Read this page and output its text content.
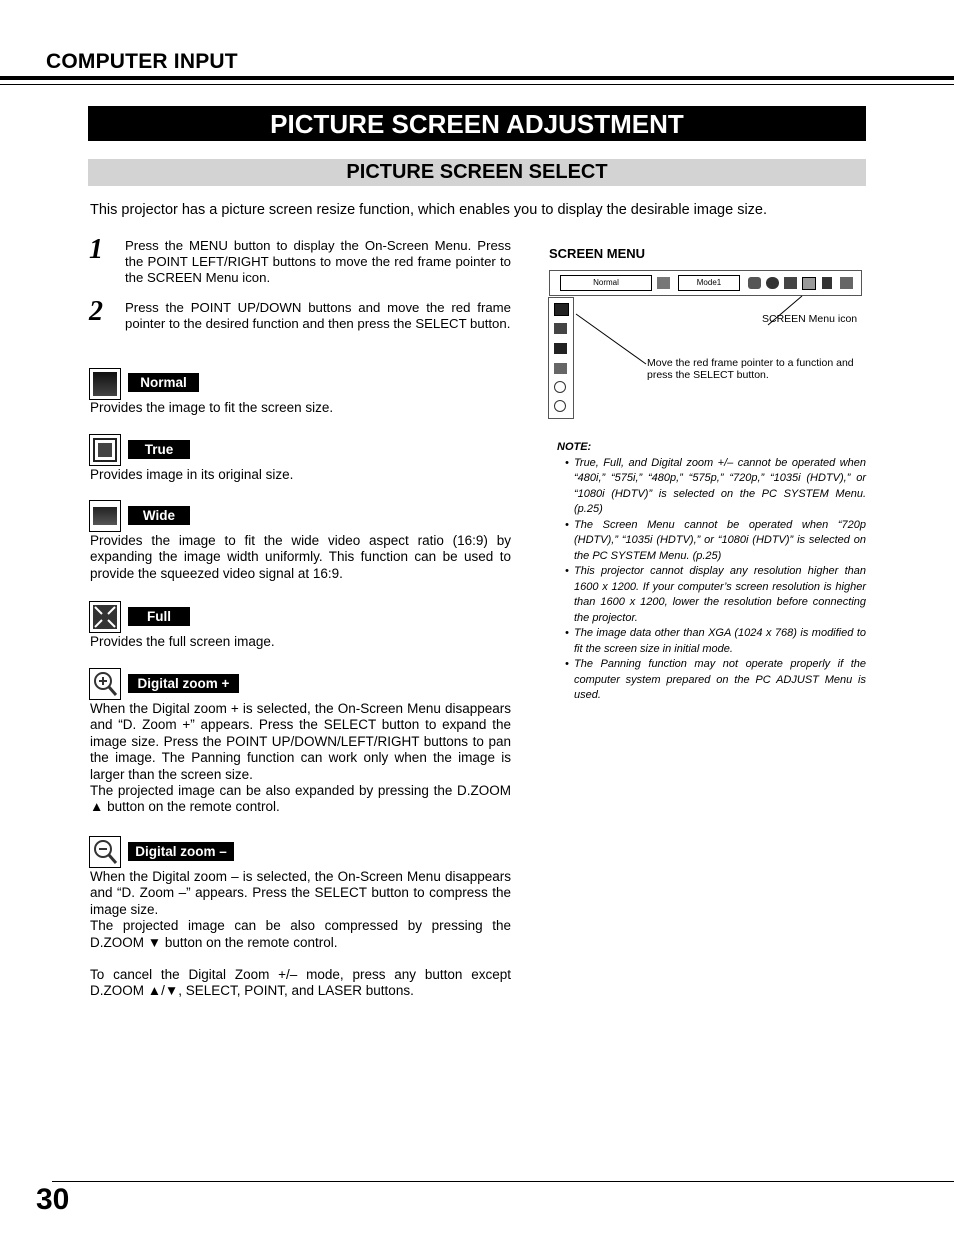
COMPUTER INPUT
PICTURE SCREEN ADJUSTMENT
PICTURE SCREEN SELECT
This projector has a picture screen resize function, which enables you to display the desirable image size.
1 Press the MENU button to display the On-Screen Menu. Press the POINT LEFT/RIGHT buttons to move the red frame pointer to the SCREEN Menu icon.
2 Press the POINT UP/DOWN buttons and move the red frame pointer to the desired function and then press the SELECT button.
Normal
Provides the image to fit the screen size.
True
Provides image in its original size.
Wide
Provides the image to fit the wide video aspect ratio (16:9) by expanding the image width uniformly. This function can be used to provide the squeezed video signal at 16:9.
Full
Provides the full screen image.
Digital zoom +
When the Digital zoom + is selected, the On-Screen Menu disappears and “D. Zoom +” appears. Press the SELECT button to expand the image size. Press the POINT UP/DOWN/LEFT/RIGHT buttons to pan the image. The Panning function can work only when the image is larger than the screen size.
The projected image can be also expanded by pressing the D.ZOOM ▲ button on the remote control.
Digital zoom –
When the Digital zoom – is selected, the On-Screen Menu disappears and “D. Zoom –” appears. Press the SELECT button to compress the image size.
The projected image can be also compressed by pressing the D.ZOOM ▼ button on the remote control.
To cancel the Digital Zoom +/– mode, press any button except D.ZOOM ▲/▼, SELECT, POINT, and LASER buttons.
SCREEN MENU
Normal	Mode1
SCREEN Menu icon
Move the red frame pointer to a function and press the SELECT button.
NOTE:
• True, Full, and Digital zoom +/– cannot be operated when “480i,” “575i,” “480p,” “575p,” “720p,” “1035i (HDTV),” or “1080i (HDTV)” is selected on the PC SYSTEM Menu. (p.25)
• The Screen Menu cannot be operated when “720p (HDTV),” “1035i (HDTV),” or “1080i (HDTV)” is selected on the PC SYSTEM Menu. (p.25)
• This projector cannot display any resolution higher than 1600 x 1200. If your computer’s screen resolution is higher than 1600 x 1200, lower the resolution before connecting the projector.
• The image data other than XGA (1024 x 768) is modified to fit the screen size in initial mode.
• The Panning function may not operate properly if the computer system prepared on the PC ADJUST Menu is used.
30
